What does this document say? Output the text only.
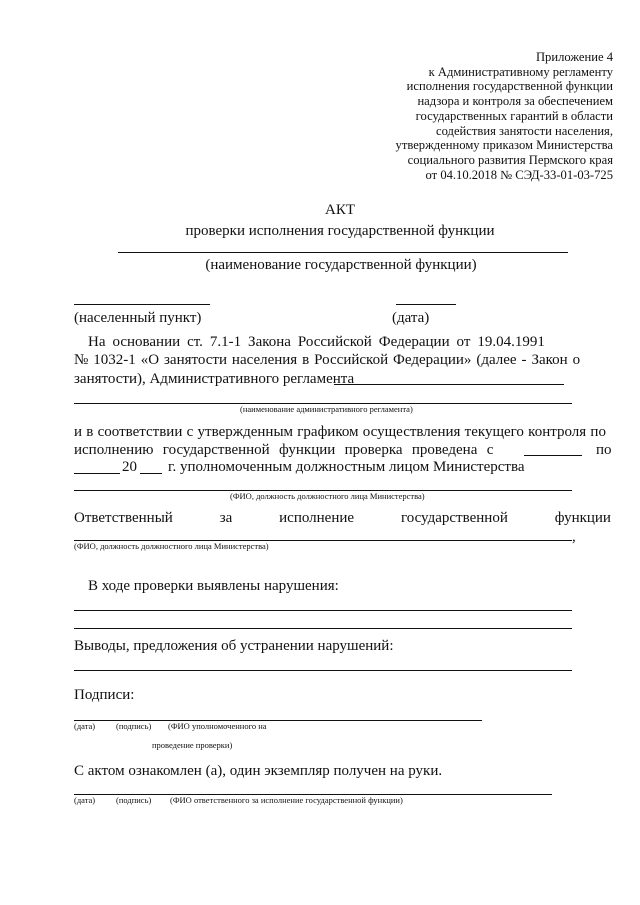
Приложение 4
к Административному регламенту
исполнения государственной функции
надзора и контроля за обеспечением
государственных гарантий в области
содействия занятости населения,
утвержденному приказом Министерства
социального развития Пермского края
от 04.10.2018 № СЭД-33-01-03-725
АКТ
проверки исполнения государственной функции
(наименование государственной функции)
(населенный пункт)	(дата)
На основании ст. 7.1-1 Закона Российской Федерации от 19.04.1991
№ 1032-1 «О занятости населения в Российской Федерации» (далее - Закон о
занятости), Административного регламента
(наименование административного регламента)
и в соответствии с утвержденным графиком осуществления текущего контроля по
исполнению государственной функции проверка проведена с	по
20 г. уполномоченным должностным лицом Министерства
(ФИО, должность должностного лица Министерства)
Ответственный	за	исполнение	государственной	функции
,
(ФИО, должность должностного лица Министерства)
В ходе проверки выявлены нарушения:
Выводы, предложения об устранении нарушений:
Подписи:
(дата) (подпись) (ФИО уполномоченного на
проведение проверки)
С актом ознакомлен (а), один экземпляр получен на руки.
(дата) (подпись) (ФИО ответственного за исполнение государственной функции)
